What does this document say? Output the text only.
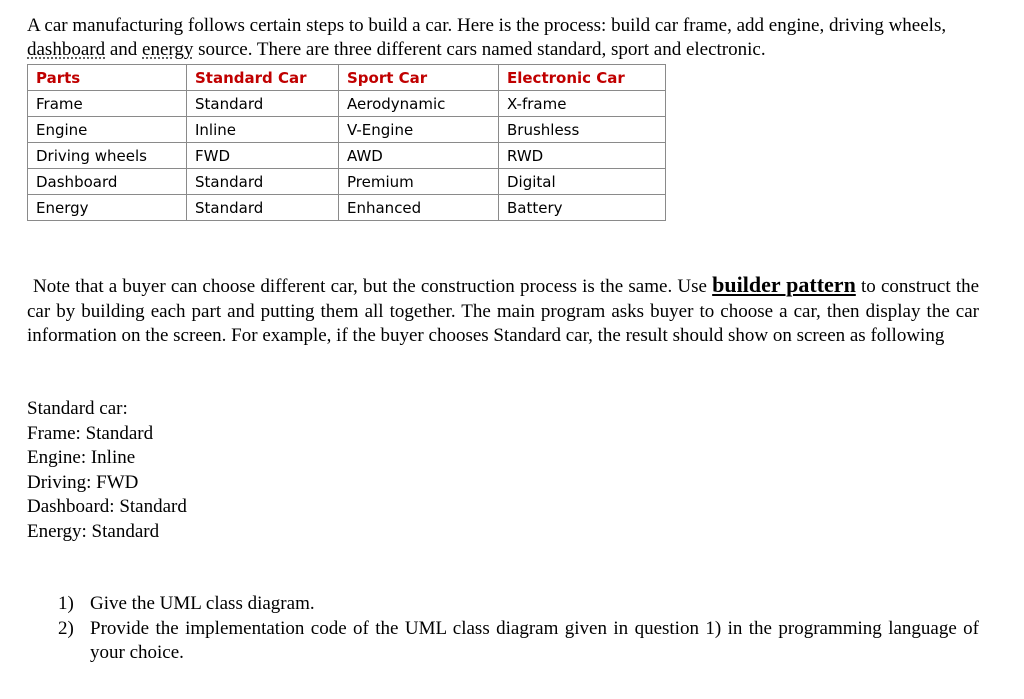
A car manufacturing follows certain steps to build a car. Here is the process: build car frame, add engine, driving wheels, dashboard and energy source. There are three different cars named standard, sport and electronic.

Parts	Standard Car	Sport Car	Electronic Car
Frame	Standard	Aerodynamic	X-frame
Engine	Inline	V-Engine	Brushless
Driving wheels	FWD	AWD	RWD
Dashboard	Standard	Premium	Digital
Energy	Standard	Enhanced	Battery

Note that a buyer can choose different car, but the construction process is the same. Use builder pattern to construct the car by building each part and putting them all together. The main program asks buyer to choose a car, then display the car information on the screen. For example, if the buyer chooses Standard car, the result should show on screen as following

Standard car:
Frame: Standard
Engine: Inline
Driving: FWD
Dashboard: Standard
Energy: Standard
1) Give the UML class diagram.
2) Provide the implementation code of the UML class diagram given in question 1) in the programming language of your choice.
